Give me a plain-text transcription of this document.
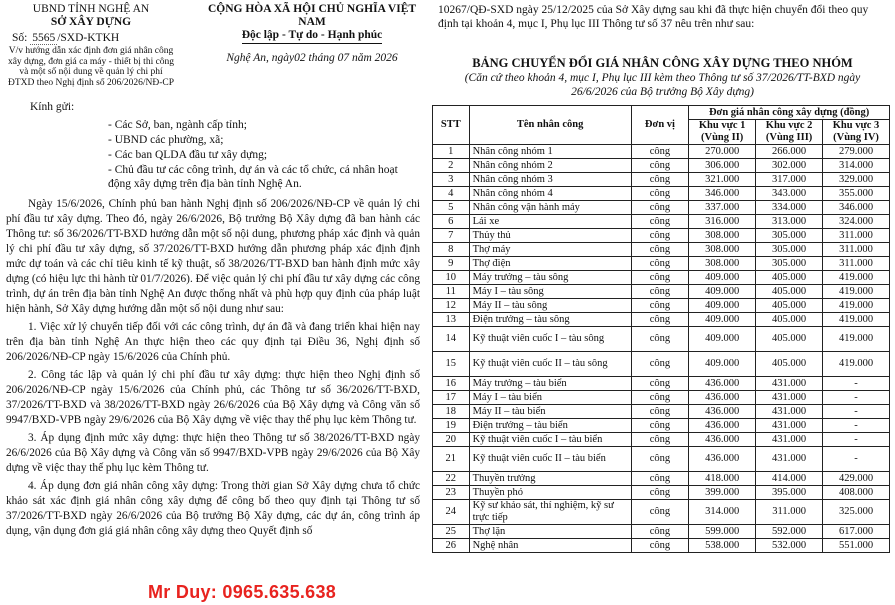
UBND TỈNH NGHỆ AN
SỞ XÂY DỰNG
Số: 5565 /SXD-KTKH
V/v hướng dẫn xác định đơn giá nhân công xây dựng, đơn giá ca máy - thiết bị thi công và một số nội dung về quản lý chi phí ĐTXD theo Nghị định số 206/2026/NĐ-CP
CỘNG HÒA XÃ HỘI CHỦ NGHĨA VIỆT NAM
Độc lập - Tự do - Hạnh phúc
Nghệ An, ngày02 tháng 07 năm 2026
Kính gửi:
- Các Sở, ban, ngành cấp tỉnh;
- UBND các phường, xã;
- Các ban QLDA đầu tư xây dựng;
- Chủ đầu tư các công trình, dự án và các tổ chức, cá nhân hoạt động xây dựng trên địa bàn tỉnh Nghệ An.

Ngày 15/6/2026, Chính phủ ban hành Nghị định số 206/2026/NĐ-CP về quản lý chi phí đầu tư xây dựng. Theo đó, ngày 26/6/2026, Bộ trưởng Bộ Xây dựng đã ban hành các Thông tư: số 36/2026/TT-BXD hướng dẫn một số nội dung, phương pháp xác định và quản lý chi phí đầu tư xây dựng, số 37/2026/TT-BXD hướng dẫn phương pháp xác định định mức dự toán và các chỉ tiêu kinh tế kỹ thuật, số 38/2026/TT-BXD ban hành định mức xây dựng (có hiệu lực thi hành từ 01/7/2026). Để việc quản lý chi phí đầu tư xây dựng các công trình, dự án trên địa bàn tỉnh Nghệ An được thống nhất và phù hợp quy định của pháp luật hiện hành, Sở Xây dựng hướng dẫn một số nội dung như sau:

1. Việc xử lý chuyển tiếp đối với các công trình, dự án đã và đang triển khai hiện nay trên địa bàn tỉnh Nghệ An thực hiện theo các quy định tại Điều 36, Nghị định số 206/2026/NĐ-CP ngày 15/6/2026 của Chính phủ.

2. Công tác lập và quản lý chi phí đầu tư xây dựng: thực hiện theo Nghị định số 206/2026/NĐ-CP ngày 15/6/2026 của Chính phủ, các Thông tư số 36/2026/TT-BXD, 37/2026/TT-BXD và 38/2026/TT-BXD ngày 26/6/2026 của Bộ Xây dựng và Công văn số 9947/BXD-VPB ngày 29/6/2026 của Bộ Xây dựng về việc thay thế phụ lục kèm Thông tư.

3. Áp dụng định mức xây dựng: thực hiện theo Thông tư số 38/2026/TT-BXD ngày 26/6/2026 của Bộ Xây dựng và Công văn số 9947/BXD-VPB ngày 29/6/2026 của Bộ Xây dựng về việc thay thế phụ lục kèm Thông tư.

4. Áp dụng đơn giá nhân công xây dựng: Trong thời gian Sở Xây dựng chưa tổ chức khảo sát xác định giá nhân công xây dựng để công bố theo quy định tại Thông tư số 37/2026/TT-BXD ngày 26/6/2026 của Bộ trưởng Bộ Xây dựng, các dự án, công trình áp dụng, vận dụng đơn giá giá nhân công xây dựng theo Quyết định số

Mr Duy: 0965.635.638
10267/QĐ-SXD ngày 25/12/2025 của Sở Xây dựng sau khi đã thực hiện chuyển đổi theo quy định tại khoản 4, mục I, Phụ lục III Thông tư số 37 nêu trên như sau:
BẢNG CHUYỂN ĐỔI GIÁ NHÂN CÔNG XÂY DỰNG THEO NHÓM
(Căn cứ theo khoản 4, mục I, Phụ lục III kèm theo Thông tư số 37/2026/TT-BXD ngày 26/6/2026 của Bộ trưởng Bộ Xây dựng)
STT	Tên nhân công	Đơn vị	Đơn giá nhân công xây dựng (đồng)		
			Khu vực 1 (Vùng II)	Khu vực 2 (Vùng III)	Khu vực 3 (Vùng IV)
1	Nhân công nhóm 1	công	270.000	266.000	279.000
2	Nhân công nhóm 2	công	306.000	302.000	314.000
3	Nhân công nhóm 3	công	321.000	317.000	329.000
4	Nhân công nhóm 4	công	346.000	343.000	355.000
5	Nhân công vận hành máy	công	337.000	334.000	346.000
6	Lái xe	công	316.000	313.000	324.000
7	Thủy thủ	công	308.000	305.000	311.000
8	Thợ máy	công	308.000	305.000	311.000
9	Thợ điện	công	308.000	305.000	311.000
10	Máy trưởng – tàu sông	công	409.000	405.000	419.000
11	Máy I – tàu sông	công	409.000	405.000	419.000
12	Máy II – tàu sông	công	409.000	405.000	419.000
13	Điện trưởng – tàu sông	công	409.000	405.000	419.000
14	Kỹ thuật viên cuốc I – tàu sông	công	409.000	405.000	419.000
15	Kỹ thuật viên cuốc II – tàu sông	công	409.000	405.000	419.000
16	Máy trưởng – tàu biển	công	436.000	431.000	-
17	Máy I – tàu biển	công	436.000	431.000	-
18	Máy II – tàu biển	công	436.000	431.000	-
19	Điện trưởng – tàu biển	công	436.000	431.000	-
20	Kỹ thuật viên cuốc I – tàu biển	công	436.000	431.000	-
21	Kỹ thuật viên cuốc II – tàu biển	công	436.000	431.000	-
22	Thuyền trưởng	công	418.000	414.000	429.000
23	Thuyền phó	công	399.000	395.000	408.000
24	Kỹ sư khảo sát, thí nghiệm, kỹ sư trực tiếp	công	314.000	311.000	325.000
25	Thợ lặn	công	599.000	592.000	617.000
26	Nghệ nhân	công	538.000	532.000	551.000
